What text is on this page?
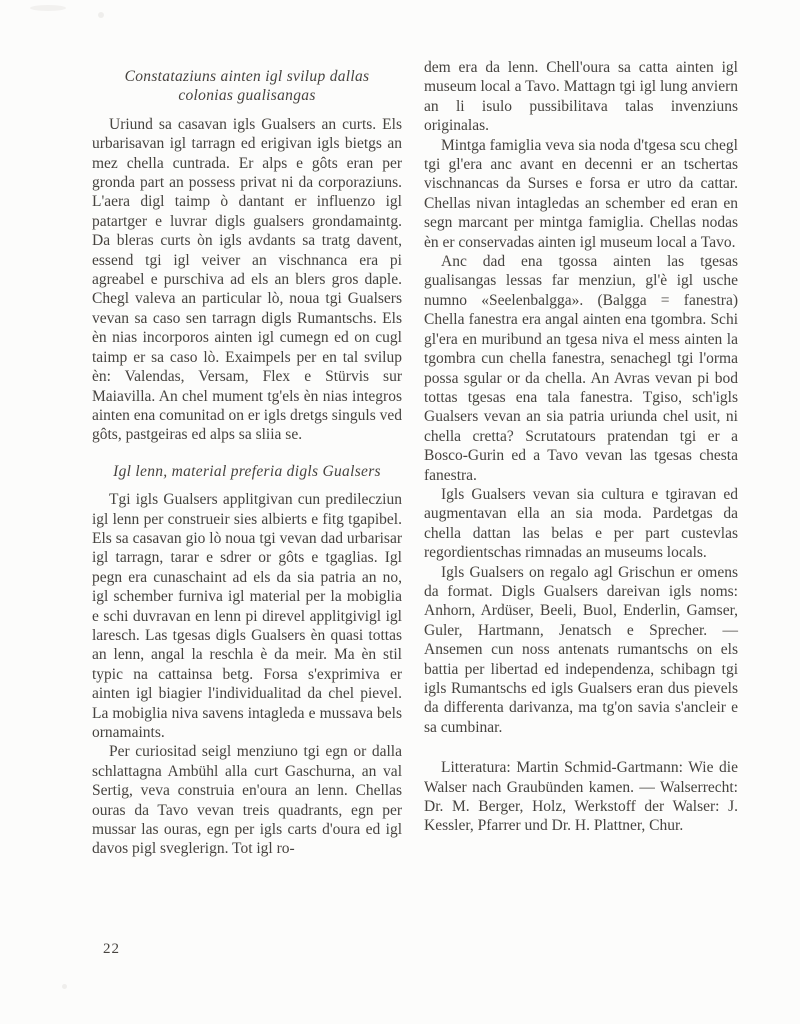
Constataziuns ainten igl svilup dallas colonias gualisangas

Uriund sa casavan igls Gualsers an curts. Els urbarisavan igl tarragn ed erigivan igls bietgs an mez chella cuntrada. Er alps e gôts eran per gronda part an possess privat ni da corporaziuns. L'aera digl taimp ò dantant er influenzo igl patartger e luvrar digls gualsers grondamaintg. Da bleras curts òn igls avdants sa tratg davent, essend tgi igl veiver an vischnanca era pi agreabel e purschiva ad els an blers gros daple. Chegl valeva an particular lò, noua tgi Gualsers vevan sa caso sen tarragn digls Rumantschs. Els èn nias incorporos ainten igl cumegn ed on cugl taimp er sa caso lò. Exaimpels per en tal svilup èn: Valendas, Versam, Flex e Stürvis sur Maiavilla. An chel mument tg'els èn nias integros ainten ena comunitad on er igls dretgs singuls ved gôts, pastgeiras ed alps sa sliia se.

Igl lenn, material preferia digls Gualsers

Tgi igls Gualsers applitgivan cun predilecziun igl lenn per construeir sies albierts e fitg tgapibel. Els sa casavan gio lò noua tgi vevan dad urbarisar igl tarragn, tarar e sdrer or gôts e tgaglias. Igl pegn era cunaschaint ad els da sia patria an no, igl schember furniva igl material per la mobiglia e schi duvravan en lenn pi direvel applitgivigl igl laresch. Las tgesas digls Gualsers èn quasi tottas an lenn, angal la reschla è da meir. Ma èn stil typic na cattainsa betg. Forsa s'exprimiva er ainten igl biagier l'individualitad da chel pievel. La mobiglia niva savens intagleda e mussava bels ornamaints.

Per curiositad seigl menziuno tgi egn or dalla schlattagna Ambühl alla curt Gaschurna, an val Sertig, veva construia en'oura an lenn. Chellas ouras da Tavo vevan treis quadrants, egn per mussar las ouras, egn per igls carts d'oura ed igl davos pigl sveglerign. Tot igl ro-

dem era da lenn. Chell'oura sa catta ainten igl museum local a Tavo. Mattagn tgi igl lung anviern an li isulo pussibilitava talas invenziuns originalas.

Mintga famiglia veva sia noda d'tgesa scu chegl tgi gl'era anc avant en decenni er an tschertas vischnancas da Surses e forsa er utro da cattar. Chellas nivan intagledas an schember ed eran en segn marcant per mintga famiglia. Chellas nodas èn er conservadas ainten igl museum local a Tavo.

Anc dad ena tgossa ainten las tgesas gualisangas lessas far menziun, gl'è igl usche numno «Seelenbalgga». (Balgga = fanestra) Chella fanestra era angal ainten ena tgombra. Schi gl'era en muribund an tgesa niva el mess ainten la tgombra cun chella fanestra, senachegl tgi l'orma possa sgular or da chella. An Avras vevan pi bod tottas tgesas ena tala fanestra. Tgiso, sch'igls Gualsers vevan an sia patria uriunda chel usit, ni chella cretta? Scrutatours pratendan tgi er a Bosco-Gurin ed a Tavo vevan las tgesas chesta fanestra.

Igls Gualsers vevan sia cultura e tgiravan ed augmentavan ella an sia moda. Pardetgas da chella dattan las belas e per part custevlas regordientschas rimnadas an museums locals.

Igls Gualsers on regalo agl Grischun er omens da format. Digls Gualsers dareivan igls noms: Anhorn, Ardüser, Beeli, Buol, Enderlin, Gamser, Guler, Hartmann, Jenatsch e Sprecher. — Ansemen cun noss antenats rumantschs on els battia per libertad ed independenza, schibagn tgi igls Rumantschs ed igls Gualsers eran dus pievels da differenta darivanza, ma tg'on savia s'ancleir e sa cumbinar.

Litteratura: Martin Schmid-Gartmann: Wie die Walser nach Graubünden kamen. — Walserrecht: Dr. M. Berger, Holz, Werkstoff der Walser: J. Kessler, Pfarrer und Dr. H. Plattner, Chur.

22
